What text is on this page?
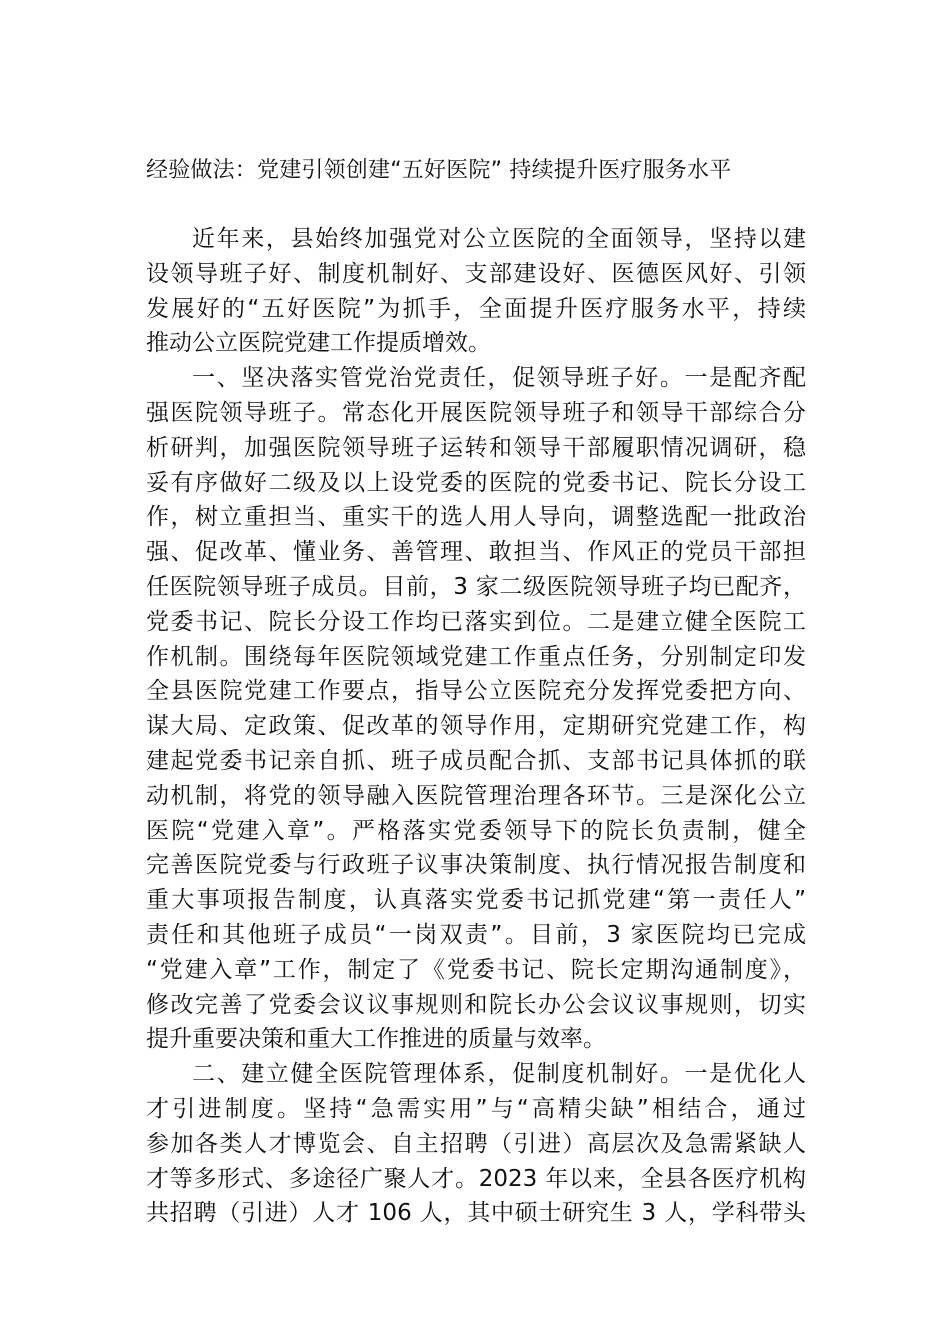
经验做法：党建引领创建“五好医院” 持续提升医疗服务水平
近年来，县始终加强党对公立医院的全面领导，坚持以建
设领导班子好、制度机制好、支部建设好、医德医风好、引领
发展好的“五好医院”为抓手，全面提升医疗服务水平，持续
推动公立医院党建工作提质增效。
一、坚决落实管党治党责任，促领导班子好。一是配齐配
强医院领导班子。常态化开展医院领导班子和领导干部综合分
析研判，加强医院领导班子运转和领导干部履职情况调研，稳
妥有序做好二级及以上设党委的医院的党委书记、院长分设工
作，树立重担当、重实干的选人用人导向，调整选配一批政治
强、促改革、懂业务、善管理、敢担当、作风正的党员干部担
任医院领导班子成员。目前，3 家二级医院领导班子均已配齐，
党委书记、院长分设工作均已落实到位。二是建立健全医院工
作机制。围绕每年医院领域党建工作重点任务，分别制定印发
全县医院党建工作要点，指导公立医院充分发挥党委把方向、
谋大局、定政策、促改革的领导作用，定期研究党建工作，构
建起党委书记亲自抓、班子成员配合抓、支部书记具体抓的联
动机制，将党的领导融入医院管理治理各环节。三是深化公立
医院“党建入章”。严格落实党委领导下的院长负责制，健全
完善医院党委与行政班子议事决策制度、执行情况报告制度和
重大事项报告制度，认真落实党委书记抓党建“第一责任人”
责任和其他班子成员“一岗双责”。目前，3 家医院均已完成
“党建入章”工作，制定了《党委书记、院长定期沟通制度》，
修改完善了党委会议议事规则和院长办公会议议事规则，切实
提升重要决策和重大工作推进的质量与效率。
二、建立健全医院管理体系，促制度机制好。一是优化人
才引进制度。坚持“急需实用”与“高精尖缺”相结合，通过
参加各类人才博览会、自主招聘（引进）高层次及急需紧缺人
才等多形式、多途径广聚人才。2023 年以来，全县各医疗机构
共招聘（引进）人才 106 人，其中硕士研究生 3 人，学科带头
